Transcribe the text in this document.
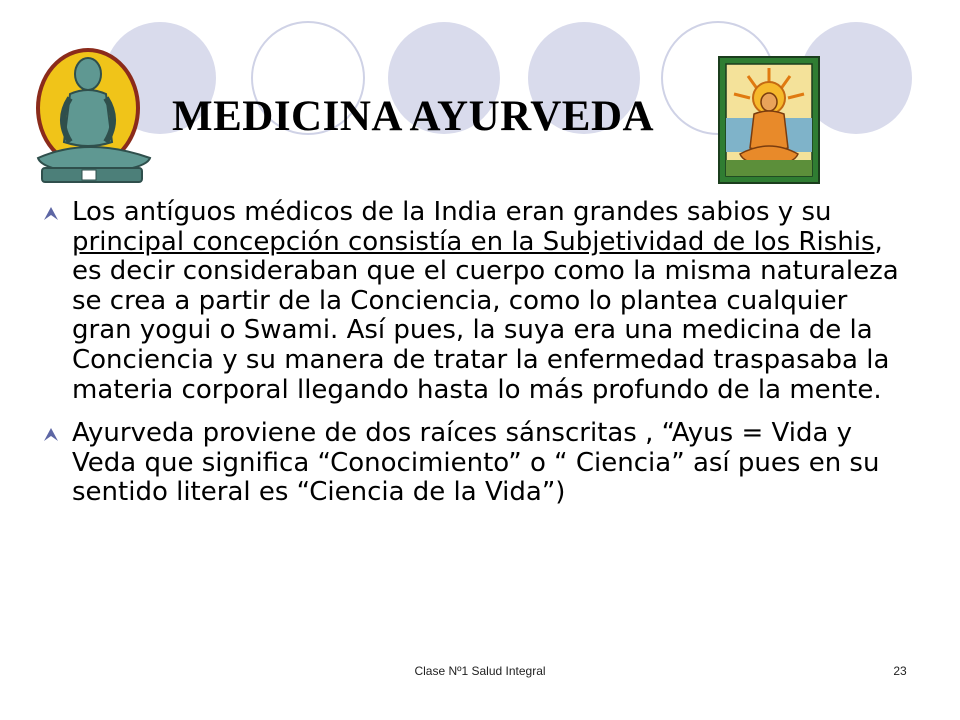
MEDICINA AYURVEDA
Los antíguos médicos de la India eran grandes sabios y su principal concepción consistía en la Subjetividad de los Rishis, es decir consideraban que el cuerpo como la misma naturaleza se crea a partir de la Conciencia, como lo plantea cualquier gran yogui o Swami. Así pues, la suya era una medicina de la Conciencia y su manera de tratar la enfermedad traspasaba la materia corporal llegando hasta lo más profundo de la mente.
Ayurveda proviene de dos raíces sánscritas , “Ayus = Vida y Veda que significa “Conocimiento” o “ Ciencia” así pues en su sentido literal es “Ciencia de la Vida”)
Clase Nº1 Salud Integral	23
